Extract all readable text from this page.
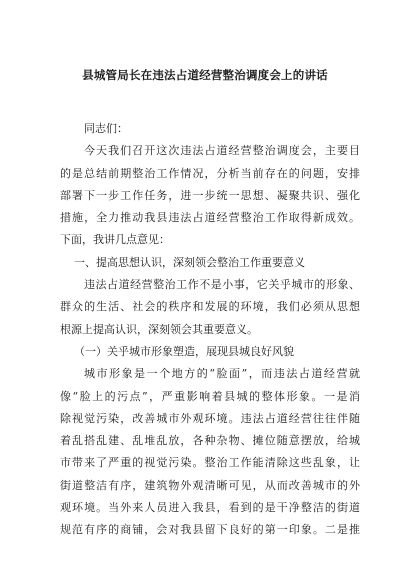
县城管局长在违法占道经营整治调度会上的讲话
同志们：
今天我们召开这次违法占道经营整治调度会，主要目
的是总结前期整治工作情况，分析当前存在的问题，安排
部署下一步工作任务，进一步统一思想、凝聚共识、强化
措施，全力推动我县违法占道经营整治工作取得新成效。
下面，我讲几点意见：
一、提高思想认识，深刻领会整治工作重要意义
违法占道经营整治工作不是小事，它关乎城市的形象、
群众的生活、社会的秩序和发展的环境，我们必须从思想
根源上提高认识，深刻领会其重要意义。
（一）关乎城市形象塑造，展现县城良好风貌
城市形象是一个地方的“脸面”，而违法占道经营就
像“脸上的污点”，严重影响着县城的整体形象。一是消
除视觉污染，改善城市外观环境。违法占道经营往往伴随
着乱搭乱建、乱堆乱放，各种杂物、摊位随意摆放，给城
市带来了严重的视觉污染。整治工作能清除这些乱象，让
街道整洁有序，建筑物外观清晰可见，从而改善城市的外
观环境。当外来人员进入我县，看到的是干净整洁的街道
规范有序的商铺，会对我县留下良好的第一印象。二是推
